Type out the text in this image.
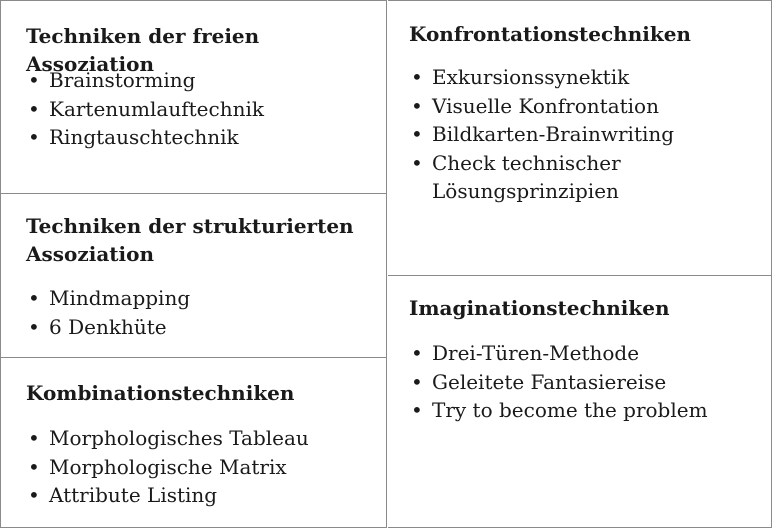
Techniken der freien Assoziation
• Brainstorming
• Kartenumlauftechnik
• Ringtauschtechnik
Techniken der strukturierten Assoziation
• Mindmapping
• 6 Denkhüte
Kombinationstechniken
• Morphologisches Tableau
• Morphologische Matrix
• Attribute Listing
Konfrontationstechniken
• Exkursionssynektik
• Visuelle Konfrontation
• Bildkarten-Brainwriting
• Check technischer Lösungsprinzipien
Imaginationstechniken
• Drei-Türen-Methode
• Geleitete Fantasiereise
• Try to become the problem
